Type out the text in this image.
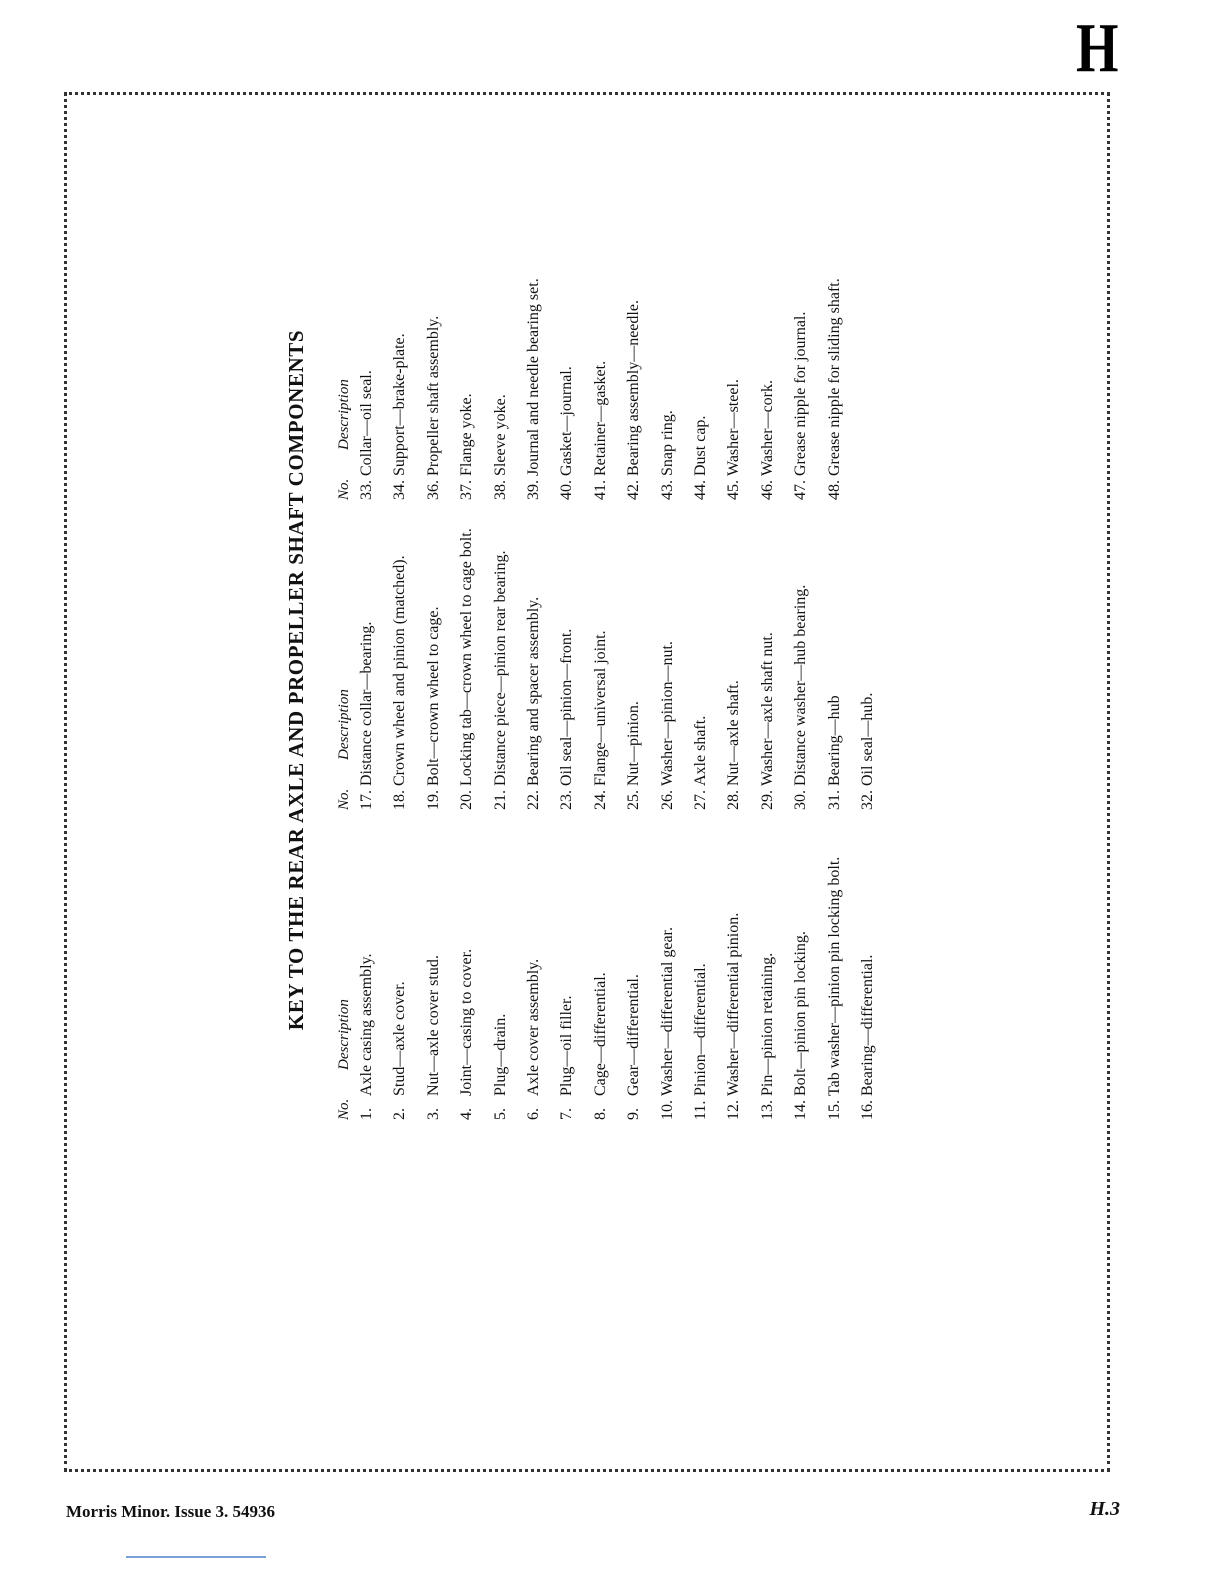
H
KEY TO THE REAR AXLE AND PROPELLER SHAFT COMPONENTS
No.
Description
1.
Axle casing assembly.
2.
Stud—axle cover.
3.
Nut—axle cover stud.
4.
Joint—casing to cover.
5.
Plug—drain.
6.
Axle cover assembly.
7.
Plug—oil filler.
8.
Cage—differential.
9.
Gear—differential.
10.
Washer—differential gear.
11.
Pinion—differential.
12.
Washer—differential pinion.
13.
Pin—pinion retaining.
14.
Bolt—pinion pin locking.
15.
Tab washer—pinion pin locking bolt.
16.
Bearing—differential.
No.
Description
17.
Distance collar—bearing.
18.
Crown wheel and pinion (matched).
19.
Bolt—crown wheel to cage.
20.
Locking tab—crown wheel to cage bolt.
21.
Distance piece—pinion rear bearing.
22.
Bearing and spacer assembly.
23.
Oil seal—pinion—front.
24.
Flange—universal joint.
25.
Nut—pinion.
26.
Washer—pinion—nut.
27.
Axle shaft.
28.
Nut—axle shaft.
29.
Washer—axle shaft nut.
30.
Distance washer—hub bearing.
31.
Bearing—hub
32.
Oil seal—hub.
No.
Description
33.
Collar—oil seal.
34.
Support—brake-plate.
36.
Propeller shaft assembly.
37.
Flange yoke.
38.
Sleeve yoke.
39.
Journal and needle bearing set.
40.
Gasket—journal.
41.
Retainer—gasket.
42.
Bearing assembly—needle.
43.
Snap ring.
44.
Dust cap.
45.
Washer—steel.
46.
Washer—cork.
47.
Grease nipple for journal.
48.
Grease nipple for sliding shaft.
Morris Minor. Issue 3. 54936	H.3
